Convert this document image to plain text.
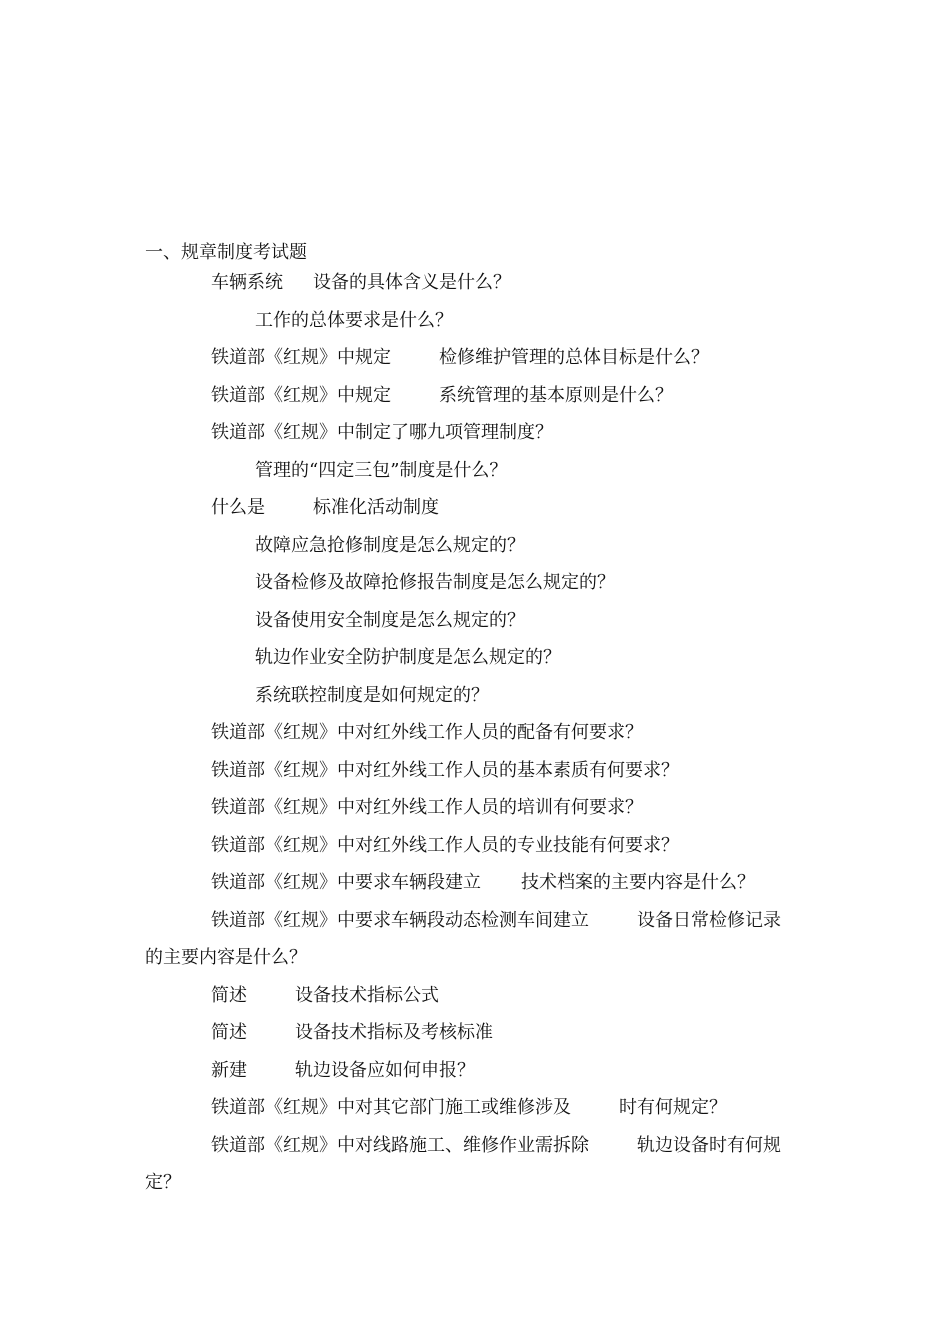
一、规章制度考试题
车辆系统 设备的具体含义是什么？
工作的总体要求是什么？
铁道部《红规》中规定	检修维护管理的总体目标是什么？
铁道部《红规》中规定	系统管理的基本原则是什么？
铁道部《红规》中制定了哪九项管理制度？
管理的“四定三包”制度是什么？
什么是	标准化活动制度
故障应急抢修制度是怎么规定的？
设备检修及故障抢修报告制度是怎么规定的？
设备使用安全制度是怎么规定的？
轨边作业安全防护制度是怎么规定的？
系统联控制度是如何规定的？
铁道部《红规》中对红外线工作人员的配备有何要求？
铁道部《红规》中对红外线工作人员的基本素质有何要求？
铁道部《红规》中对红外线工作人员的培训有何要求？
铁道部《红规》中对红外线工作人员的专业技能有何要求？
铁道部《红规》中要求车辆段建立 技术档案的主要内容是什么？
铁道部《红规》中要求车辆段动态检测车间建立	设备日常检修记录
的主要内容是什么？
简述	设备技术指标公式
简述	设备技术指标及考核标准
新建	轨边设备应如何申报？
铁道部《红规》中对其它部门施工或维修涉及	时有何规定？
铁道部《红规》中对线路施工、维修作业需拆除	轨边设备时有何规
定？
